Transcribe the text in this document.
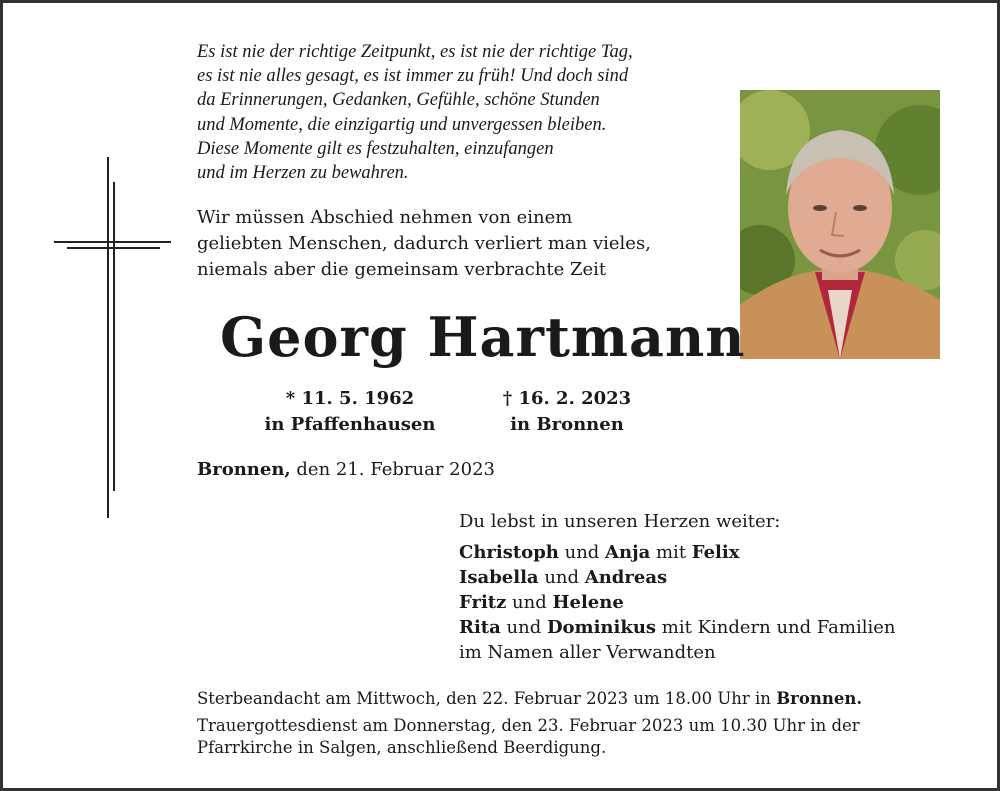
Es ist nie der richtige Zeitpunkt, es ist nie der richtige Tag,
es ist nie alles gesagt, es ist immer zu früh! Und doch sind
da Erinnerungen, Gedanken, Gefühle, schöne Stunden
und Momente, die einzigartig und unvergessen bleiben.
Diese Momente gilt es festzuhalten, einzufangen
und im Herzen zu bewahren.
Wir müssen Abschied nehmen von einem
geliebten Menschen, dadurch verliert man vieles,
niemals aber die gemeinsam verbrachte Zeit
Georg Hartmann
* 11. 5. 1962
in Pfaffenhausen
† 16. 2. 2023
in Bronnen
Bronnen, den 21. Februar 2023
Du lebst in unseren Herzen weiter:
Christoph und Anja mit Felix
Isabella und Andreas
Fritz und Helene
Rita und Dominikus mit Kindern und Familien
im Namen aller Verwandten
Sterbeandacht am Mittwoch, den 22. Februar 2023 um 18.00 Uhr in Bronnen.
Trauergottesdienst am Donnerstag, den 23. Februar 2023 um 10.30 Uhr in der
Pfarrkirche in Salgen, anschließend Beerdigung.
